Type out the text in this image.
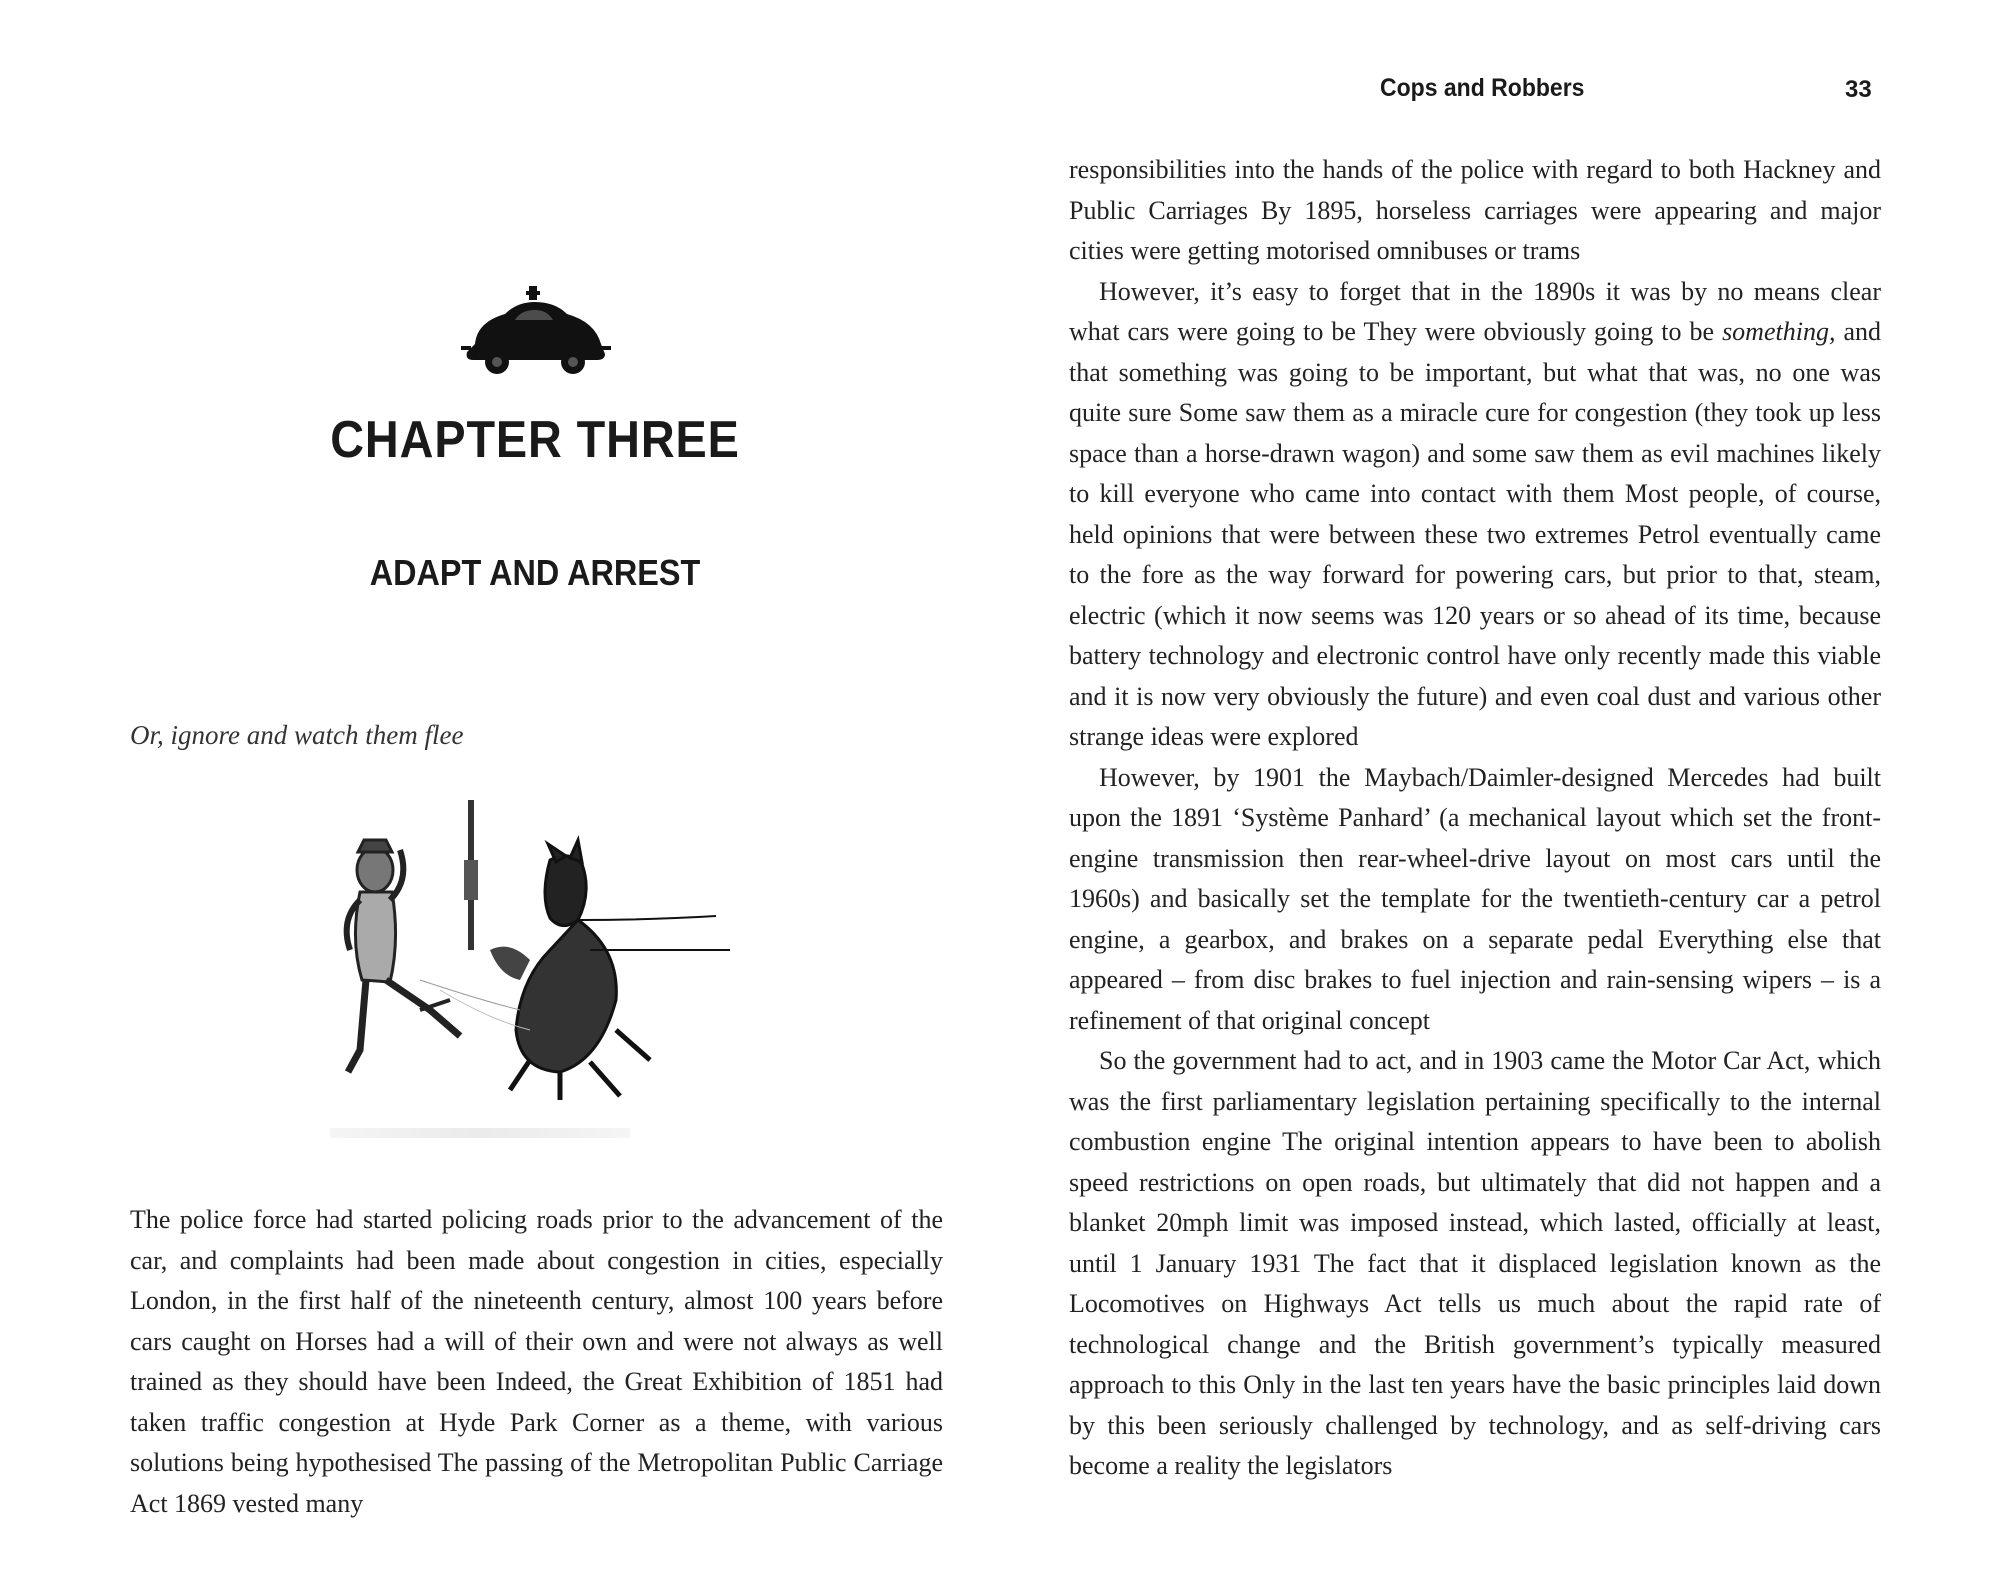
CHAPTER THREE
ADAPT AND ARREST

Or, ignore and watch them flee

The police force had started policing roads prior to the advancement of the car, and complaints had been made about congestion in cities, especially London, in the first half of the nineteenth century, almost 100 years before cars caught on Horses had a will of their own and were not always as well trained as they should have been Indeed, the Great Exhibition of 1851 had taken traffic congestion at Hyde Park Corner as a theme, with various solutions being hypothesised The passing of the Metropolitan Public Carriage Act 1869 vested many

Cops and Robbers	33

responsibilities into the hands of the police with regard to both Hackney and Public Carriages By 1895, horseless carriages were appearing and major cities were getting motorised omnibuses or trams

However, it’s easy to forget that in the 1890s it was by no means clear what cars were going to be They were obviously going to be something, and that something was going to be important, but what that was, no one was quite sure Some saw them as a miracle cure for congestion (they took up less space than a horse-drawn wagon) and some saw them as evil machines likely to kill everyone who came into contact with them Most people, of course, held opinions that were between these two extremes Petrol eventually came to the fore as the way forward for powering cars, but prior to that, steam, electric (which it now seems was 120 years or so ahead of its time, because battery technology and electronic control have only recently made this viable and it is now very obviously the future) and even coal dust and various other strange ideas were explored

However, by 1901 the Maybach/Daimler-designed Mercedes had built upon the 1891 ‘Système Panhard’ (a mechanical layout which set the front-engine transmission then rear-wheel-drive layout on most cars until the 1960s) and basically set the template for the twentieth-century car a petrol engine, a gearbox, and brakes on a separate pedal Everything else that appeared – from disc brakes to fuel injection and rain-sensing wipers – is a refinement of that original concept

So the government had to act, and in 1903 came the Motor Car Act, which was the first parliamentary legislation pertaining specifically to the internal combustion engine The original intention appears to have been to abolish speed restrictions on open roads, but ultimately that did not happen and a blanket 20mph limit was imposed instead, which lasted, officially at least, until 1 January 1931 The fact that it displaced legislation known as the Locomotives on Highways Act tells us much about the rapid rate of technological change and the British government’s typically measured approach to this Only in the last ten years have the basic principles laid down by this been seriously challenged by technology, and as self-driving cars become a reality the legislators
